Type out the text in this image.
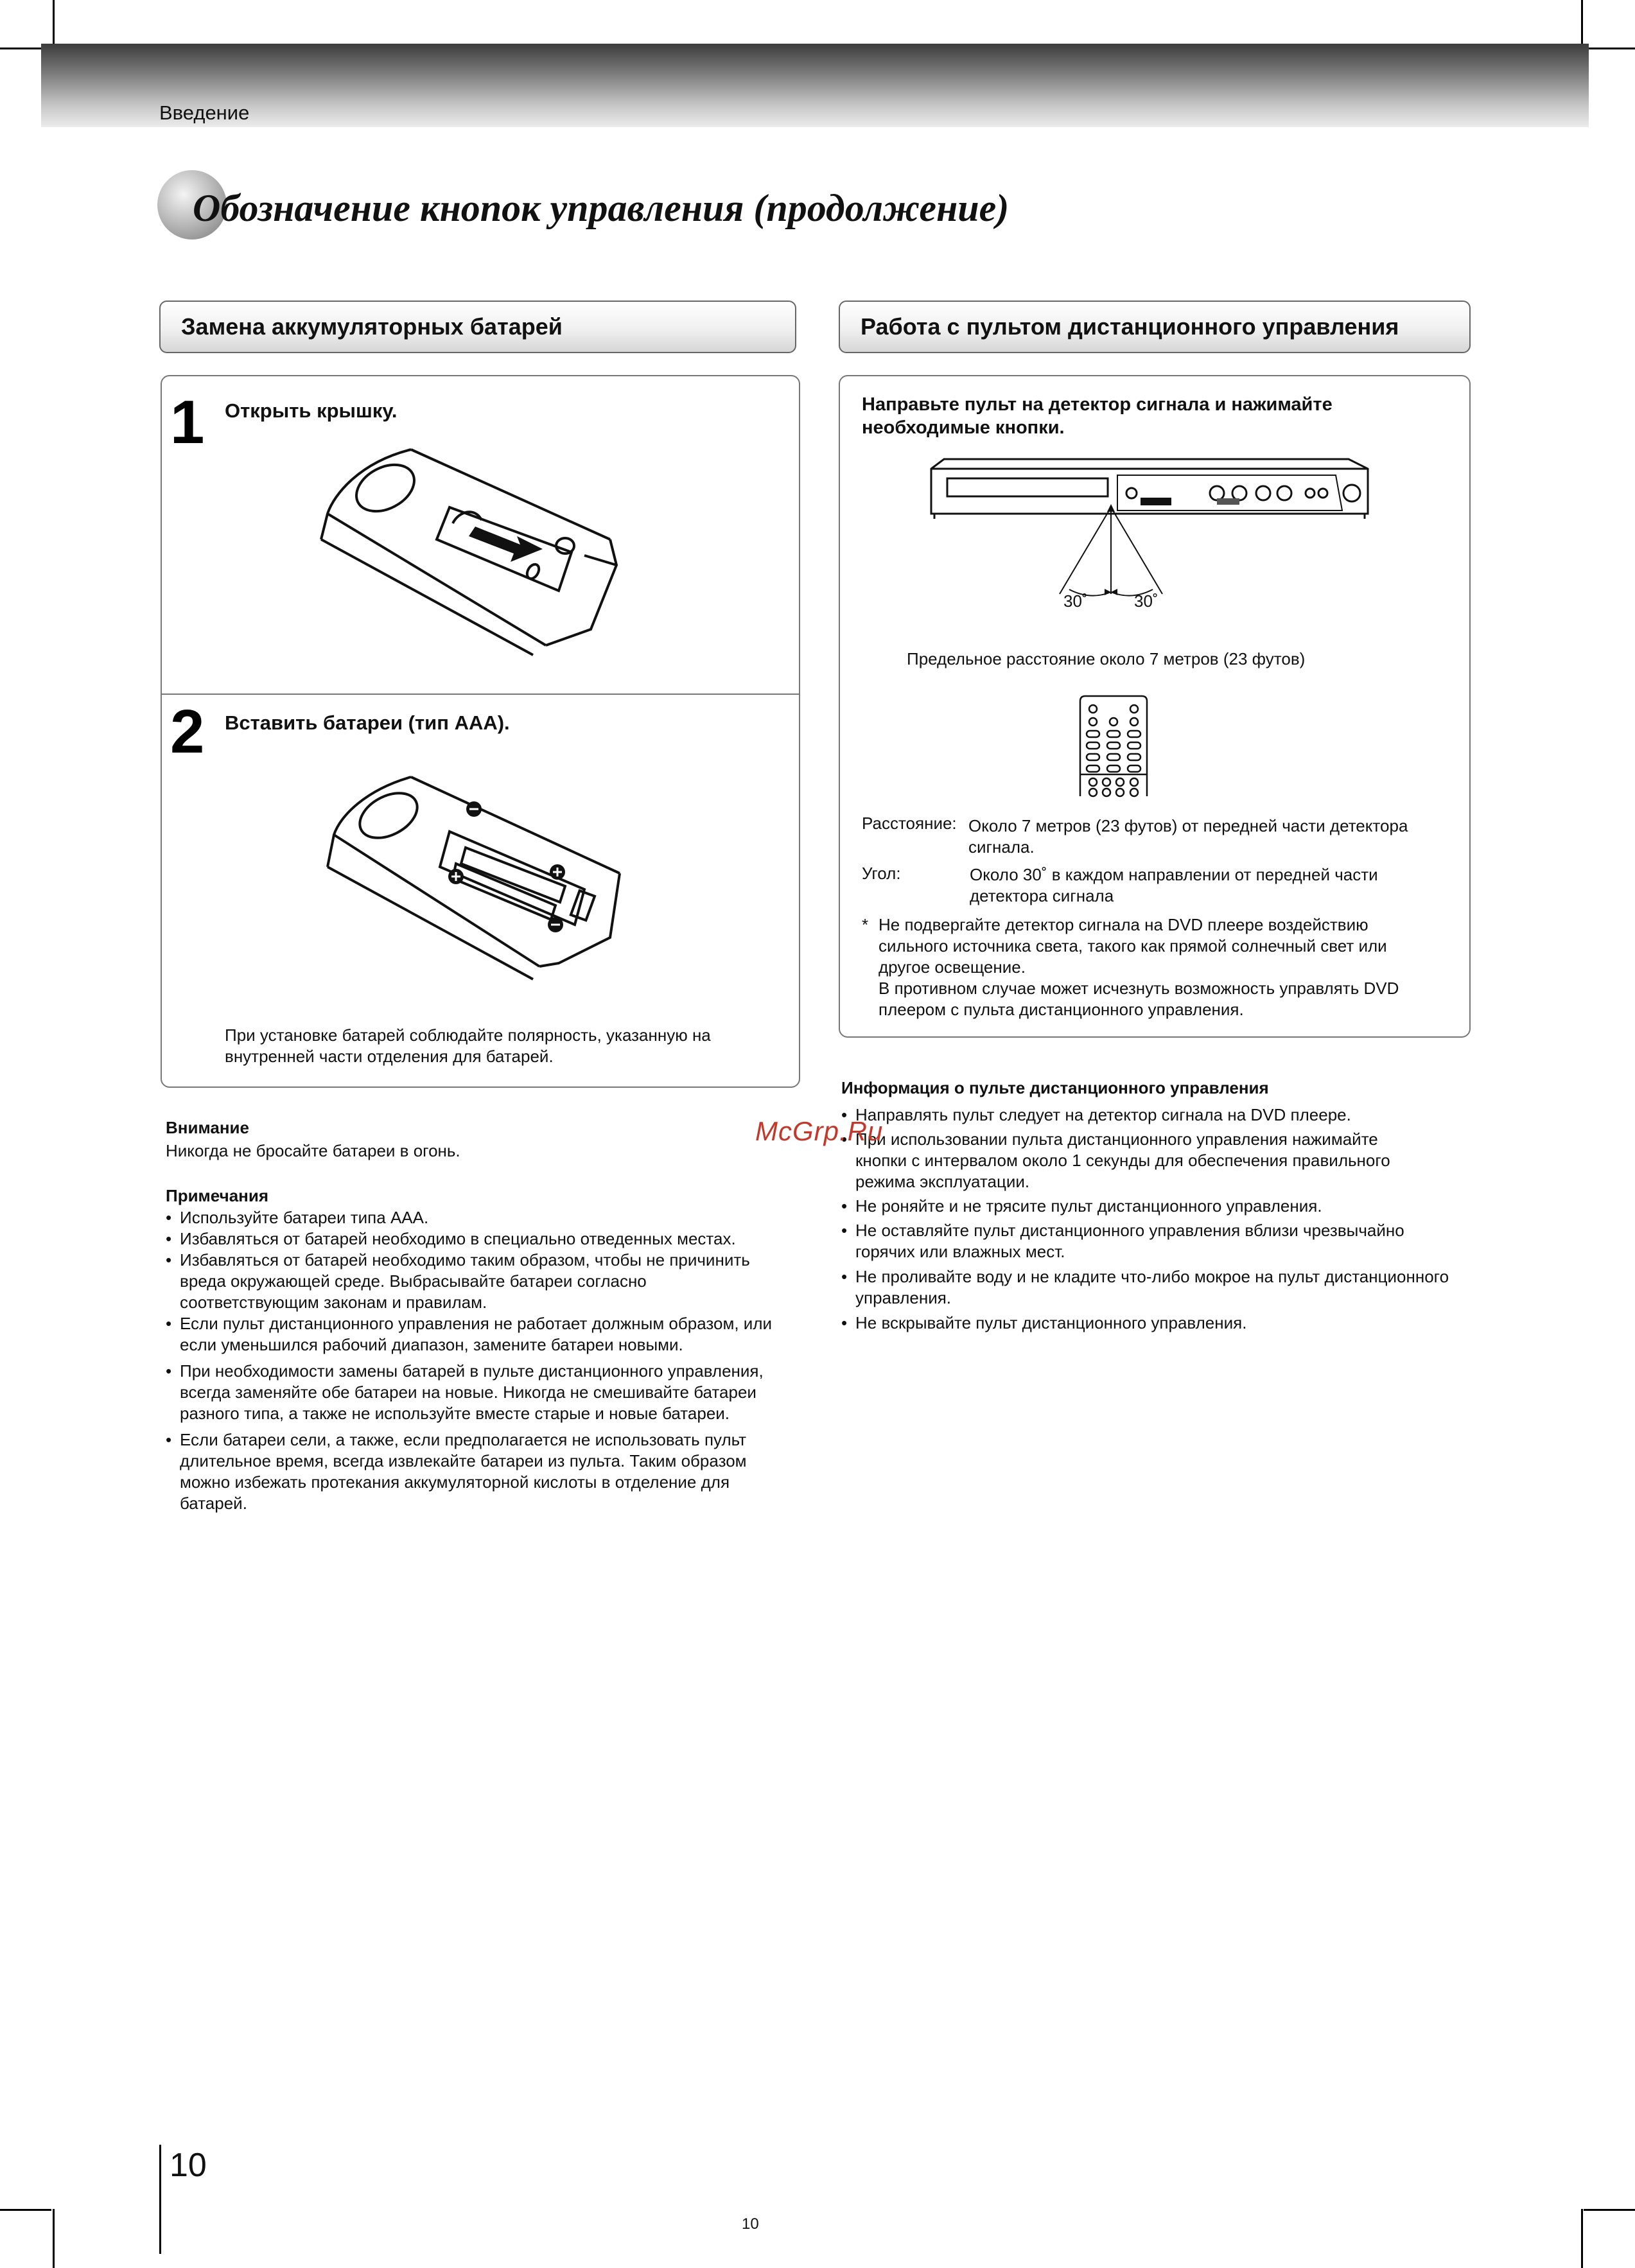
Введение
Обозначение кнопок управления (продолжение)
Замена аккумуляторных батарей
1 Открыть крышку.
2 Вставить батареи (тип AAA).
При установке батарей соблюдайте полярность, указанную на
внутренней части отделения для батарей.
Внимание
Никогда не бросайте батареи в огонь.
Примечания
• Используйте батареи типа AAA.
• Избавляться от батарей необходимо в специально отведенных местах.
• Избавляться от батарей необходимо таким образом, чтобы не причинить
вреда окружающей среде. Выбрасывайте батареи согласно
соответствующим законам и правилам.
• Если пульт дистанционного управления не работает должным образом, или
если уменьшился рабочий диапазон, замените батареи новыми.
• При необходимости замены батарей в пульте дистанционного управления,
всегда заменяйте обе батареи на новые. Никогда не смешивайте батареи
разного типа, а также не используйте вместе старые и новые батареи.
• Если батареи сели, а также, если предполагается не использовать пульт
длительное время, всегда извлекайте батареи из пульта. Таким образом
можно избежать протекания аккумуляторной кислоты в отделение для
батарей.
Работа с пультом дистанционного управления
Направьте пульт на детектор сигнала и нажимайте
необходимые кнопки.
30˚	30˚
Предельное расстояние около 7 метров (23 футов)
Расстояние: Около 7 метров (23 футов) от передней части детектора
сигнала.
Угол:	Около 30˚ в каждом направлении от передней части
детектора сигнала
* Не подвергайте детектор сигнала на DVD плеере воздействию
сильного источника света, такого как прямой солнечный свет или
другое освещение.
В противном случае может исчезнуть возможность управлять DVD
плеером с пульта дистанционного управления.
Информация о пульте дистанционного управления
• Направлять пульт следует на детектор сигнала на DVD плеере.
• При использовании пульта дистанционного управления нажимайте
кнопки с интервалом около 1 секунды для обеспечения правильного
режима эксплуатации.
• Не роняйте и не трясите пульт дистанционного управления.
• Не оставляйте пульт дистанционного управления вблизи чрезвычайно
горячих или влажных мест.
• Не проливайте воду и не кладите что-либо мокрое на пульт дистанционного
управления.
• Не вскрывайте пульт дистанционного управления.
McGrp.Ru
10
10
